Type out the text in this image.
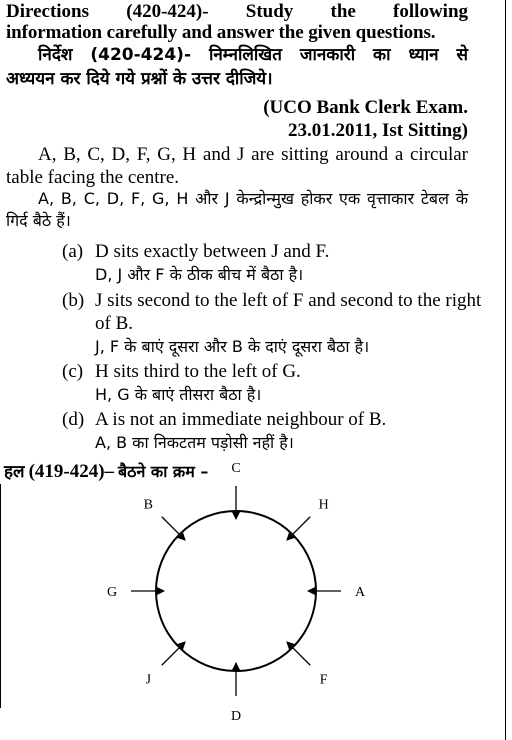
Directions (420-424)- Study the following
information carefully and answer the given questions.
निर्देश (420-424)- निम्नलिखित जानकारी का ध्यान से
अध्ययन कर दिये गये प्रश्नों के उत्तर दीजिये।
(UCO Bank Clerk Exam.
23.01.2011, Ist Sitting)
A, B, C, D, F, G, H and J are sitting around a circular table facing the centre.
A, B, C, D, F, G, H और J केन्द्रोन्मुख होकर एक वृत्ताकार टेबल के गिर्द बैठे हैं।
(a) D sits exactly between J and F.
D, J और F के ठीक बीच में बैठा है।
(b) J sits second to the left of F and second to the right of B.
J, F के बाएं दूसरा और B के दाएं दूसरा बैठा है।
(c) H sits third to the left of G.
H, G के बाएं तीसरा बैठा है।
(d) A is not an immediate neighbour of B.
A, B का निकटतम पड़ोसी नहीं है।
हल (419-424)– बैठने का क्रम –	C
H
A
F
D
J
G
B
